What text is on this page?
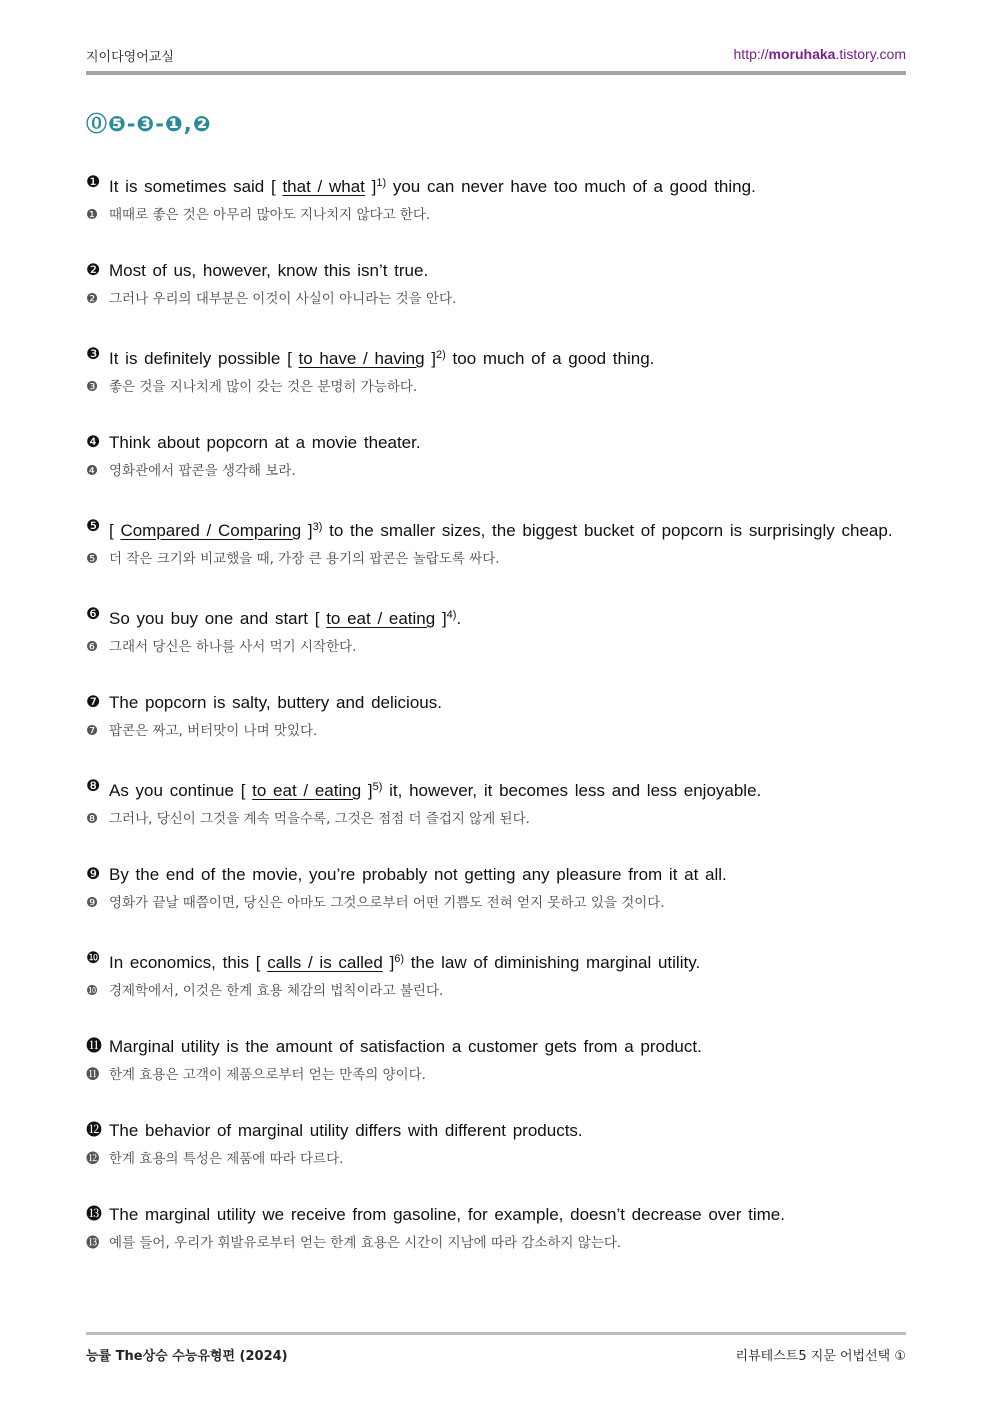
지이다영어교실	http://moruhaka.tistory.com
⓪❺-❸-❶,❷
❶ It is sometimes said [ that / what ]$^{1)}$ you can never have too much of a good thing.
❶ 때때로 좋은 것은 아무리 많아도 지나치지 않다고 한다.
❷ Most of us, however, know this isn’t true.
❷ 그러나 우리의 대부분은 이것이 사실이 아니라는 것을 안다.
❸ It is definitely possible [ to have / having ]$^{2)}$ too much of a good thing.
❸ 좋은 것을 지나치게 많이 갖는 것은 분명히 가능하다.
❹ Think about popcorn at a movie theater.
❹ 영화관에서 팝콘을 생각해 보라.
❺ [ Compared / Comparing ]$^{3)}$ to the smaller sizes, the biggest bucket of popcorn is surprisingly cheap.
❺ 더 작은 크기와 비교했을 때, 가장 큰 용기의 팝콘은 놀랍도록 싸다.
❻ So you buy one and start [ to eat / eating ]$^{4)}$.
❻ 그래서 당신은 하나를 사서 먹기 시작한다.
❼ The popcorn is salty, buttery and delicious.
❼ 팝콘은 짜고, 버터맛이 나며 맛있다.
❽ As you continue [ to eat / eating ]$^{5)}$ it, however, it becomes less and less enjoyable.
❽ 그러나, 당신이 그것을 계속 먹을수록, 그것은 점점 더 즐겁지 않게 된다.
❾ By the end of the movie, you’re probably not getting any pleasure from it at all.
❾ 영화가 끝날 때쯤이면, 당신은 아마도 그것으로부터 어떤 기쁨도 전혀 얻지 못하고 있을 것이다.
❿ In economics, this [ calls / is called ]$^{6)}$ the law of diminishing marginal utility.
❿ 경제학에서, 이것은 한계 효용 체감의 법칙이라고 불린다.
⓫ Marginal utility is the amount of satisfaction a customer gets from a product.
⓫ 한계 효용은 고객이 제품으로부터 얻는 만족의 양이다.
⓬ The behavior of marginal utility differs with different products.
⓬ 한계 효용의 특성은 제품에 따라 다르다.
⓭ The marginal utility we receive from gasoline, for example, doesn’t decrease over time.
⓭ 예를 들어, 우리가 휘발유로부터 얻는 한계 효용은 시간이 지남에 따라 감소하지 않는다.
능률 The상승 수능유형편 (2024)	리뷰테스트5 지문 어법선택 ①
